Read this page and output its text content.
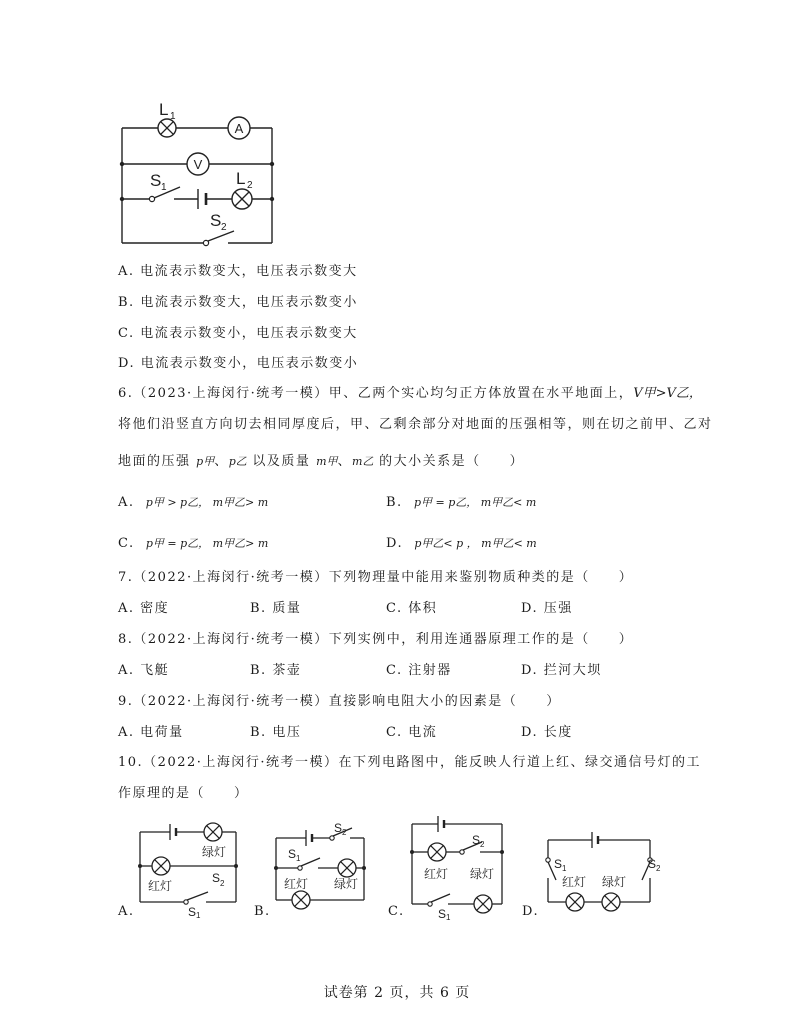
A
V
L 1
S 1	L 2
S 2
A. 电流表示数变大，电压表示数变大
B. 电流表示数变大，电压表示数变小
C. 电流表示数变小，电压表示数变大
D. 电流表示数变小，电压表示数变小
6.（2023·上海闵行·统考一模）甲、乙两个实心均匀正方体放置在水平地面上，V甲>V乙，
将他们沿竖直方向切去相同厚度后，甲、乙剩余部分对地面的压强相等，则在切之前甲、乙对
地面的压强 p甲、p乙 以及质量 m甲、m乙 的大小关系是（　　）
A. p甲 > p乙， m甲乙> m	B. p甲 = p乙， m甲乙< m
C. p甲 = p乙， m甲乙> m	D. p甲乙< p ， m甲乙< m
7.（2022·上海闵行·统考一模）下列物理量中能用来鉴别物质种类的是（　　）
A. 密度	B. 质量	C. 体积	D. 压强
8.（2022·上海闵行·统考一模）下列实例中，利用连通器原理工作的是（　　）
A. 飞艇	B. 茶壶	C. 注射器	D. 拦河大坝
9.（2022·上海闵行·统考一模）直接影响电阻大小的因素是（　　）
A. 电荷量	B. 电压	C. 电流	D. 长度
10.（2022·上海闵行·统考一模）在下列电路图中，能反映人行道上红、绿交通信号灯的工
作原理的是（　　）
A.	B.	C.	D.
绿灯
红灯
S 2
S 1
S 2
S 1
红灯 绿灯
S 2
红灯 绿灯
S 1
S 1	S 2
红灯 绿灯
试卷第 2 页，共 6 页
